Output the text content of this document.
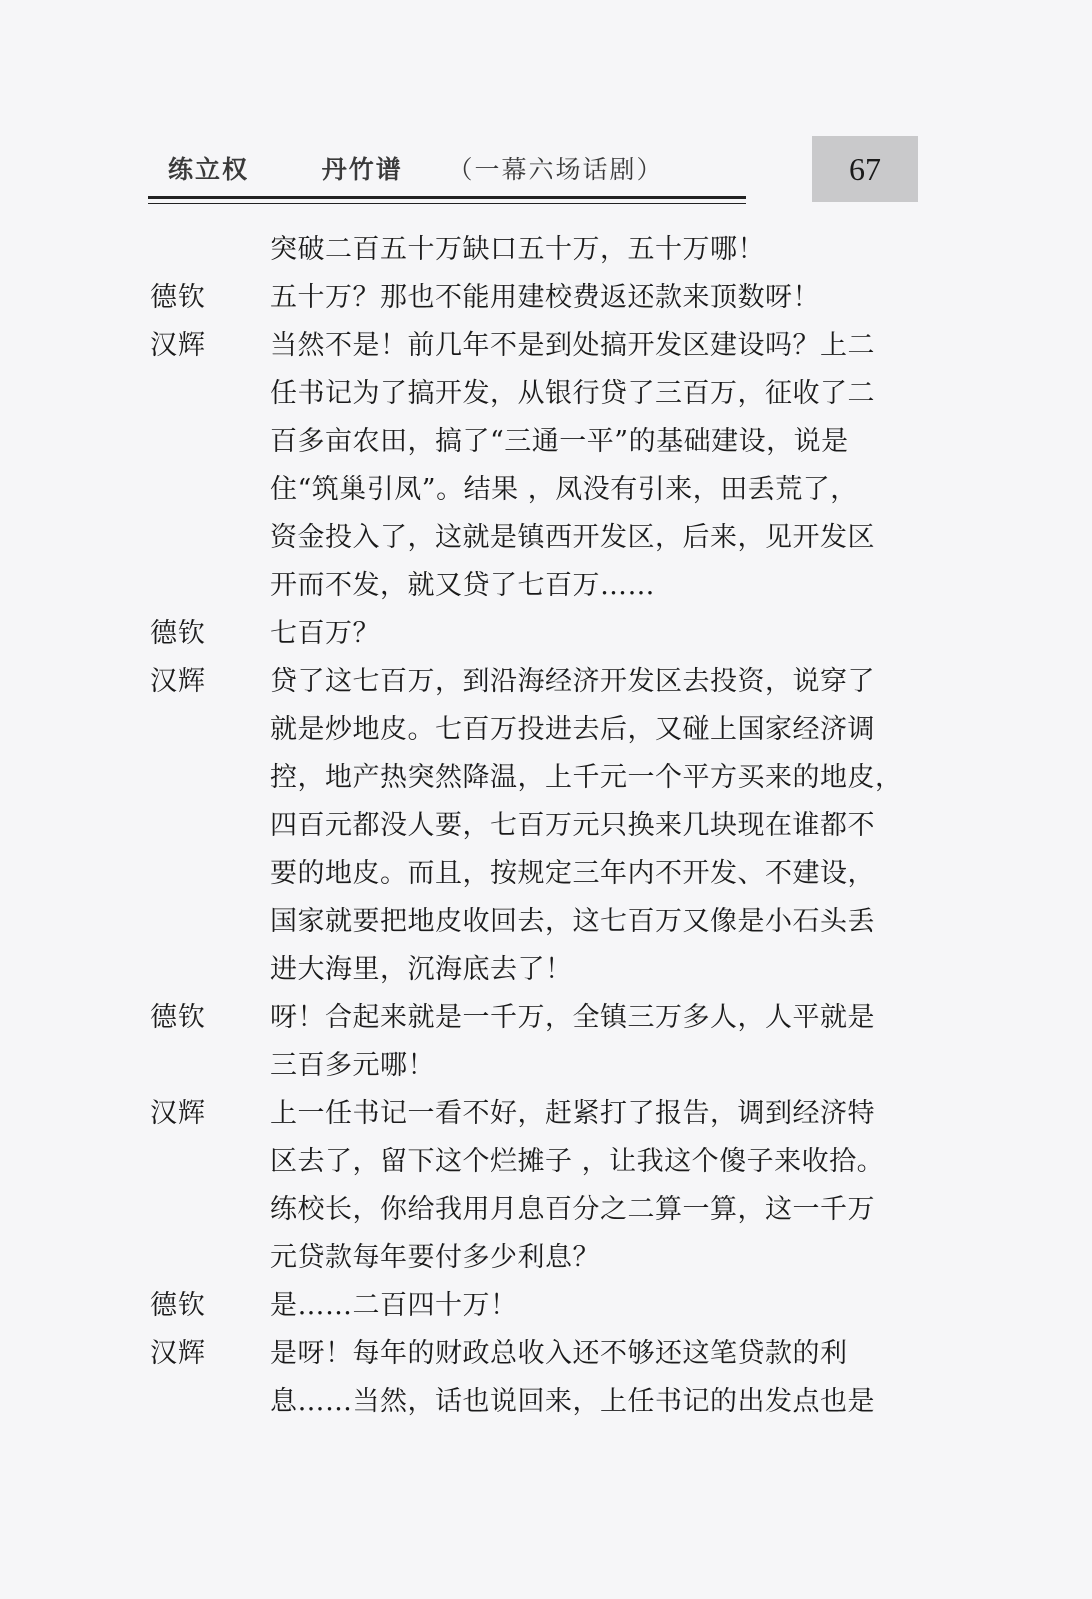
练立权	丹竹谱 （一幕六场话剧）	67
突破二百五十万缺口五十万，五十万哪！
德钦	五十万？那也不能用建校费返还款来顶数呀！
汉辉	当然不是！前几年不是到处搞开发区建设吗？上二
任书记为了搞开发，从银行贷了三百万，征收了二
百多亩农田，搞了“三通一平”的基础建设，说是
住“筑巢引凤”。结果 ，凤没有引来，田丢荒了，
资金投入了，这就是镇西开发区，后来，见开发区
开而不发，就又贷了七百万……
德钦	七百万？
汉辉	贷了这七百万，到沿海经济开发区去投资，说穿了
就是炒地皮。七百万投进去后，又碰上国家经济调
控，地产热突然降温，上千元一个平方买来的地皮，
四百元都没人要，七百万元只换来几块现在谁都不
要的地皮。而且，按规定三年内不开发、不建设，
国家就要把地皮收回去，这七百万又像是小石头丢
进大海里，沉海底去了！
德钦	呀！合起来就是一千万，全镇三万多人，人平就是
三百多元哪！
汉辉	上一任书记一看不好，赶紧打了报告，调到经济特
区去了，留下这个烂摊子 ，让我这个傻子来收拾。
练校长，你给我用月息百分之二算一算，这一千万
元贷款每年要付多少利息？
德钦	是……二百四十万！
汉辉	是呀！每年的财政总收入还不够还这笔贷款的利
息……当然，话也说回来，上任书记的出发点也是
